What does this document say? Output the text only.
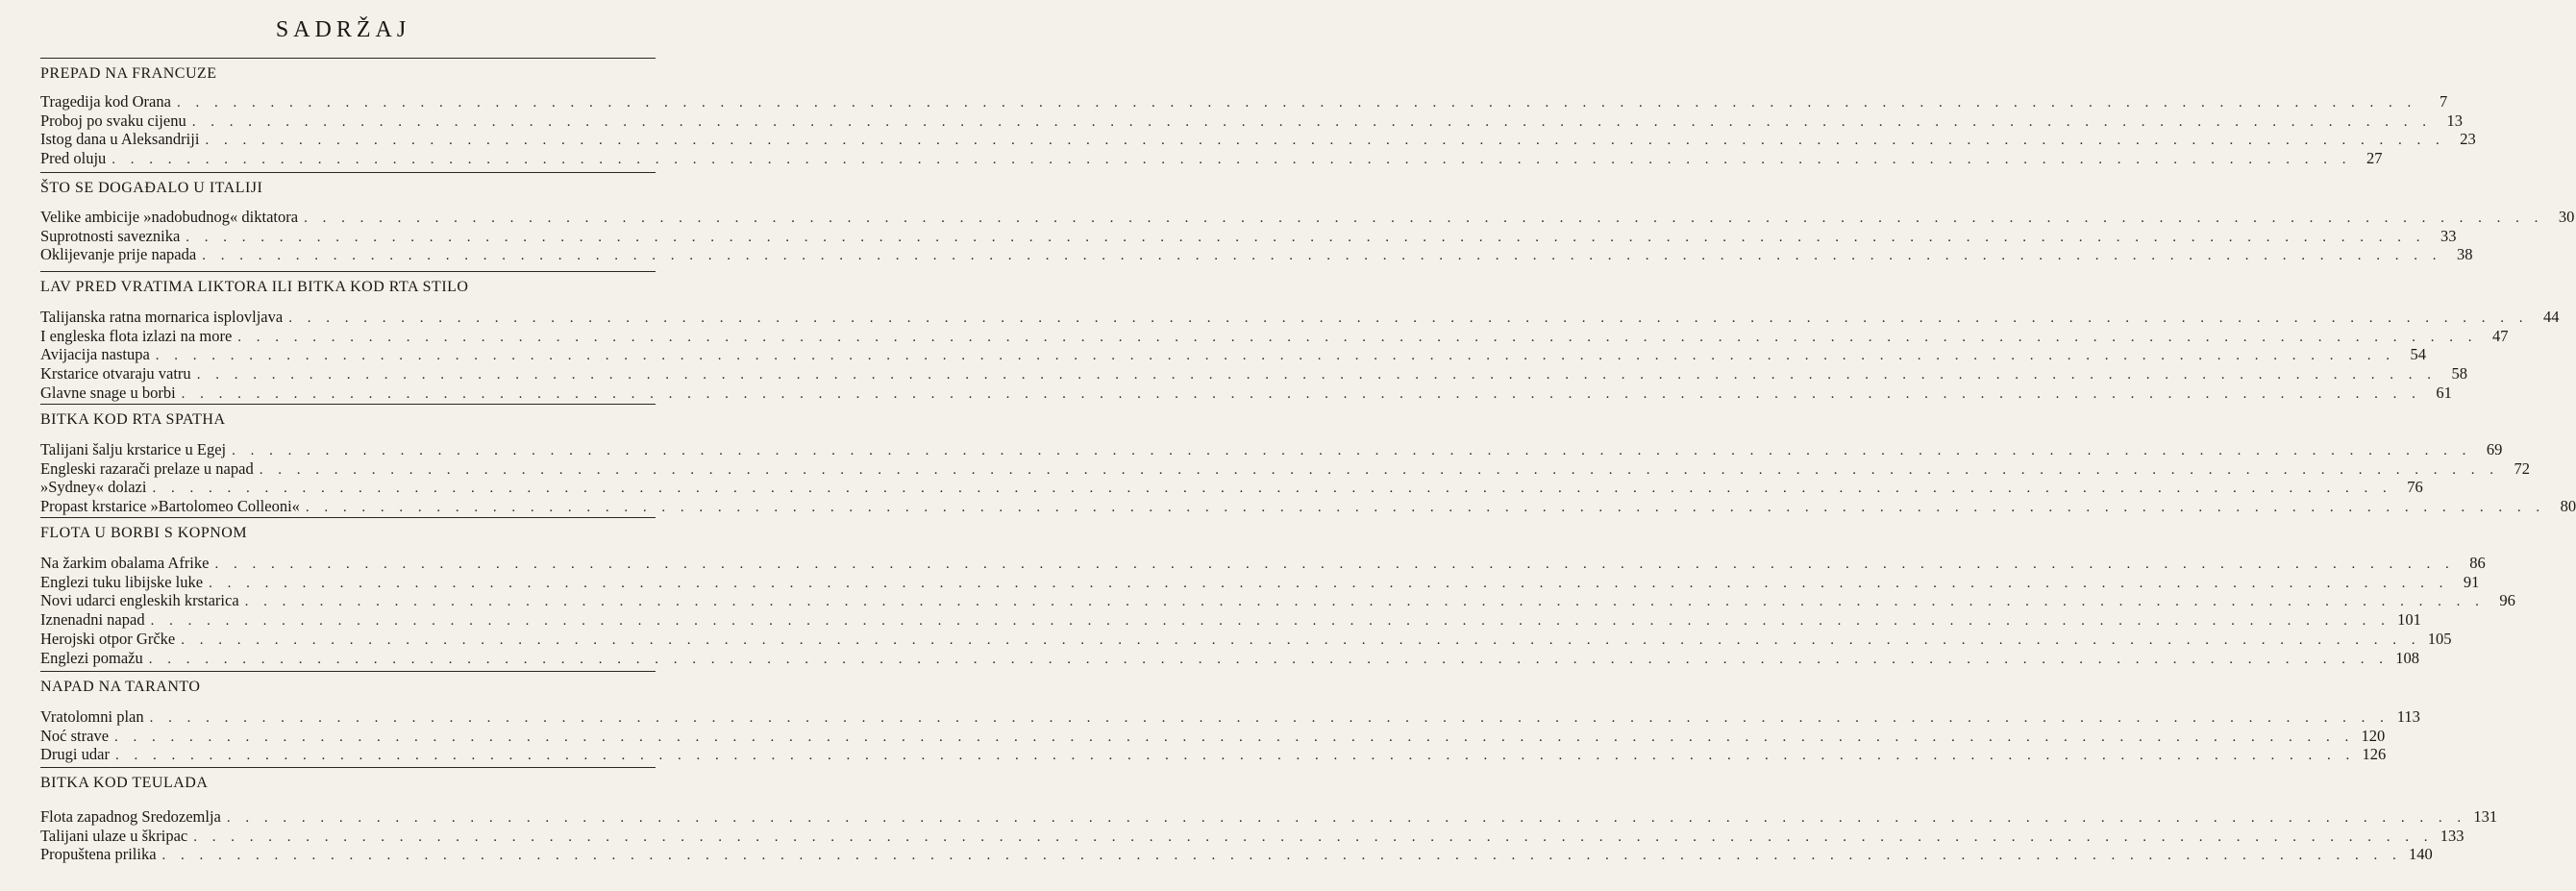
SADRŽAJ
PREPAD NA FRANCUZE
Tragedija kod Orana . . . . . . . . . . . . . . . . . . . . . . . . . . . . . . . . . . . . . . . . . . . . . . . . . . . . . . . . . . . . . . . . . . . . . . . . . . . . . . . . . . . . . . . . . . . . . . . . . . . . . . . . . . . . . . . . . . . . . . . .	7
Proboj po svaku cijenu . . . . . . . . . . . . . . . . . . . . . . . . . . . . . . . . . . . . . . . . . . . . . . . . . . . . . . . . . . . . . . . . . . . . . . . . . . . . . . . . . . . . . . . . . . . . . . . . . . . . . . . . . . . . . . . . . . . . . . . . 13
Istog dana u Aleksandriji . . . . . . . . . . . . . . . . . . . . . . . . . . . . . . . . . . . . . . . . . . . . . . . . . . . . . . . . . . . . . . . . . . . . . . . . . . . . . . . . . . . . . . . . . . . . . . . . . . . . . . . . . . . . . . . . . . . . . . . . 23
Pred oluju . . . . . . . . . . . . . . . . . . . . . . . . . . . . . . . . . . . . . . . . . . . . . . . . . . . . . . . . . . . . . . . . . . . . . . . . . . . . . . . . . . . . . . . . . . . . . . . . . . . . . . . . . . . . . . . . . . . . . . . . 27
ŠTO SE DOGAĐALO U ITALIJI
Velike ambicije »nadobudnog« diktatora . . . . . . . . . . . . . . . . . . . . . . . . . . . . . . . . . . . . . . . . . . . . . . . . . . . . . . . . . . . . . . . . . . . . . . . . . . . . . . . . . . . . . . . . . . . . . . . . . . . . . . . . . . . . . . . . . . . . . . . . 30
Suprotnosti saveznika . . . . . . . . . . . . . . . . . . . . . . . . . . . . . . . . . . . . . . . . . . . . . . . . . . . . . . . . . . . . . . . . . . . . . . . . . . . . . . . . . . . . . . . . . . . . . . . . . . . . . . . . . . . . . . . . . . . . . . . . 33
Oklijevanje prije napada . . . . . . . . . . . . . . . . . . . . . . . . . . . . . . . . . . . . . . . . . . . . . . . . . . . . . . . . . . . . . . . . . . . . . . . . . . . . . . . . . . . . . . . . . . . . . . . . . . . . . . . . . . . . . . . . . . . . . . . . 38
LAV PRED VRATIMA LIKTORA ILI BITKA KOD RTA STILO
Talijanska ratna mornarica isplovljava . . . . . . . . . . . . . . . . . . . . . . . . . . . . . . . . . . . . . . . . . . . . . . . . . . . . . . . . . . . . . . . . . . . . . . . . . . . . . . . . . . . . . . . . . . . . . . . . . . . . . . . . . . . . . . . . . . . . . . . . 44
I engleska flota izlazi na more . . . . . . . . . . . . . . . . . . . . . . . . . . . . . . . . . . . . . . . . . . . . . . . . . . . . . . . . . . . . . . . . . . . . . . . . . . . . . . . . . . . . . . . . . . . . . . . . . . . . . . . . . . . . . . . . . . . . . . . . 47
Avijacija nastupa . . . . . . . . . . . . . . . . . . . . . . . . . . . . . . . . . . . . . . . . . . . . . . . . . . . . . . . . . . . . . . . . . . . . . . . . . . . . . . . . . . . . . . . . . . . . . . . . . . . . . . . . . . . . . . . . . . . . . . . . 54
Krstarice otvaraju vatru . . . . . . . . . . . . . . . . . . . . . . . . . . . . . . . . . . . . . . . . . . . . . . . . . . . . . . . . . . . . . . . . . . . . . . . . . . . . . . . . . . . . . . . . . . . . . . . . . . . . . . . . . . . . . . . . . . . . . . . . 58
Glavne snage u borbi . . . . . . . . . . . . . . . . . . . . . . . . . . . . . . . . . . . . . . . . . . . . . . . . . . . . . . . . . . . . . . . . . . . . . . . . . . . . . . . . . . . . . . . . . . . . . . . . . . . . . . . . . . . . . . . . . . . . . . . . 61
BITKA KOD RTA SPATHA
Talijani šalju krstarice u Egej . . . . . . . . . . . . . . . . . . . . . . . . . . . . . . . . . . . . . . . . . . . . . . . . . . . . . . . . . . . . . . . . . . . . . . . . . . . . . . . . . . . . . . . . . . . . . . . . . . . . . . . . . . . . . . . . . . . . . . . . 69
Engleski razarači prelaze u napad . . . . . . . . . . . . . . . . . . . . . . . . . . . . . . . . . . . . . . . . . . . . . . . . . . . . . . . . . . . . . . . . . . . . . . . . . . . . . . . . . . . . . . . . . . . . . . . . . . . . . . . . . . . . . . . . . . . . . . . . 72
»Sydney« dolazi . . . . . . . . . . . . . . . . . . . . . . . . . . . . . . . . . . . . . . . . . . . . . . . . . . . . . . . . . . . . . . . . . . . . . . . . . . . . . . . . . . . . . . . . . . . . . . . . . . . . . . . . . . . . . . . . . . . . . . . . 76
Propast krstarice »Bartolomeo Colleoni« . . . . . . . . . . . . . . . . . . . . . . . . . . . . . . . . . . . . . . . . . . . . . . . . . . . . . . . . . . . . . . . . . . . . . . . . . . . . . . . . . . . . . . . . . . . . . . . . . . . . . . . . . . . . . . . . . . . . . . . . 80
FLOTA U BORBI S KOPNOM
Na žarkim obalama Afrike . . . . . . . . . . . . . . . . . . . . . . . . . . . . . . . . . . . . . . . . . . . . . . . . . . . . . . . . . . . . . . . . . . . . . . . . . . . . . . . . . . . . . . . . . . . . . . . . . . . . . . . . . . . . . . . . . . . . . . . . 86
Englezi tuku libijske luke . . . . . . . . . . . . . . . . . . . . . . . . . . . . . . . . . . . . . . . . . . . . . . . . . . . . . . . . . . . . . . . . . . . . . . . . . . . . . . . . . . . . . . . . . . . . . . . . . . . . . . . . . . . . . . . . . . . . . . . . 91
Novi udarci engleskih krstarica . . . . . . . . . . . . . . . . . . . . . . . . . . . . . . . . . . . . . . . . . . . . . . . . . . . . . . . . . . . . . . . . . . . . . . . . . . . . . . . . . . . . . . . . . . . . . . . . . . . . . . . . . . . . . . . . . . . . . . . . 96
Iznenadni napad . . . . . . . . . . . . . . . . . . . . . . . . . . . . . . . . . . . . . . . . . . . . . . . . . . . . . . . . . . . . . . . . . . . . . . . . . . . . . . . . . . . . . . . . . . . . . . . . . . . . . . . . . . . . . . . . . . . . . . . . 101
Herojski otpor Grčke . . . . . . . . . . . . . . . . . . . . . . . . . . . . . . . . . . . . . . . . . . . . . . . . . . . . . . . . . . . . . . . . . . . . . . . . . . . . . . . . . . . . . . . . . . . . . . . . . . . . . . . . . . . . . . . . . . . . . . . . 105
Englezi pomažu . . . . . . . . . . . . . . . . . . . . . . . . . . . . . . . . . . . . . . . . . . . . . . . . . . . . . . . . . . . . . . . . . . . . . . . . . . . . . . . . . . . . . . . . . . . . . . . . . . . . . . . . . . . . . . . . . . . . . . . . 108
NAPAD NA TARANTO
Vratolomni plan . . . . . . . . . . . . . . . . . . . . . . . . . . . . . . . . . . . . . . . . . . . . . . . . . . . . . . . . . . . . . . . . . . . . . . . . . . . . . . . . . . . . . . . . . . . . . . . . . . . . . . . . . . . . . . . . . . . . . . . . 113
Noć strave . . . . . . . . . . . . . . . . . . . . . . . . . . . . . . . . . . . . . . . . . . . . . . . . . . . . . . . . . . . . . . . . . . . . . . . . . . . . . . . . . . . . . . . . . . . . . . . . . . . . . . . . . . . . . . . . . . . . . . . . 120
Drugi udar . . . . . . . . . . . . . . . . . . . . . . . . . . . . . . . . . . . . . . . . . . . . . . . . . . . . . . . . . . . . . . . . . . . . . . . . . . . . . . . . . . . . . . . . . . . . . . . . . . . . . . . . . . . . . . . . . . . . . . . . 126
BITKA KOD TEULADA
Flota zapadnog Sredozemlja . . . . . . . . . . . . . . . . . . . . . . . . . . . . . . . . . . . . . . . . . . . . . . . . . . . . . . . . . . . . . . . . . . . . . . . . . . . . . . . . . . . . . . . . . . . . . . . . . . . . . . . . . . . . . . . . . . . . . . . . 131
Talijani ulaze u škripac . . . . . . . . . . . . . . . . . . . . . . . . . . . . . . . . . . . . . . . . . . . . . . . . . . . . . . . . . . . . . . . . . . . . . . . . . . . . . . . . . . . . . . . . . . . . . . . . . . . . . . . . . . . . . . . . . . . . . . . . 133
Propuštena prilika . . . . . . . . . . . . . . . . . . . . . . . . . . . . . . . . . . . . . . . . . . . . . . . . . . . . . . . . . . . . . . . . . . . . . . . . . . . . . . . . . . . . . . . . . . . . . . . . . . . . . . . . . . . . . . . . . . . . . . . . 140
